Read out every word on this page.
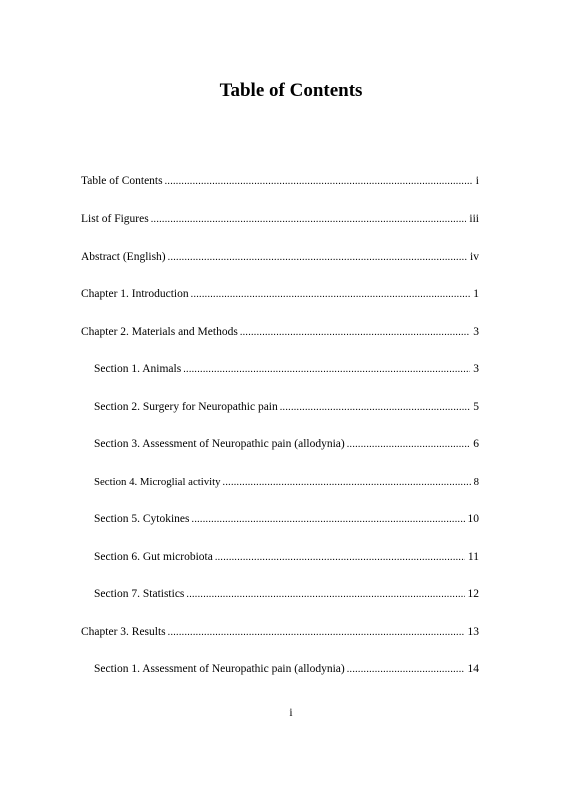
Table of Contents
Table of Contents .....	i
List of Figures .....	iii
Abstract (English) .....	iv
Chapter 1. Introduction .....	1
Chapter 2. Materials and Methods .....	3
Section 1. Animals .....	3
Section 2. Surgery for Neuropathic pain .....	5
Section 3. Assessment of Neuropathic pain (allodynia) .....	6
Section 4. Microglial activity .....	8
Section 5. Cytokines .....	10
Section 6. Gut microbiota .....	11
Section 7. Statistics .....	12
Chapter 3. Results .....	13
Section 1. Assessment of Neuropathic pain (allodynia) .....	14
i
